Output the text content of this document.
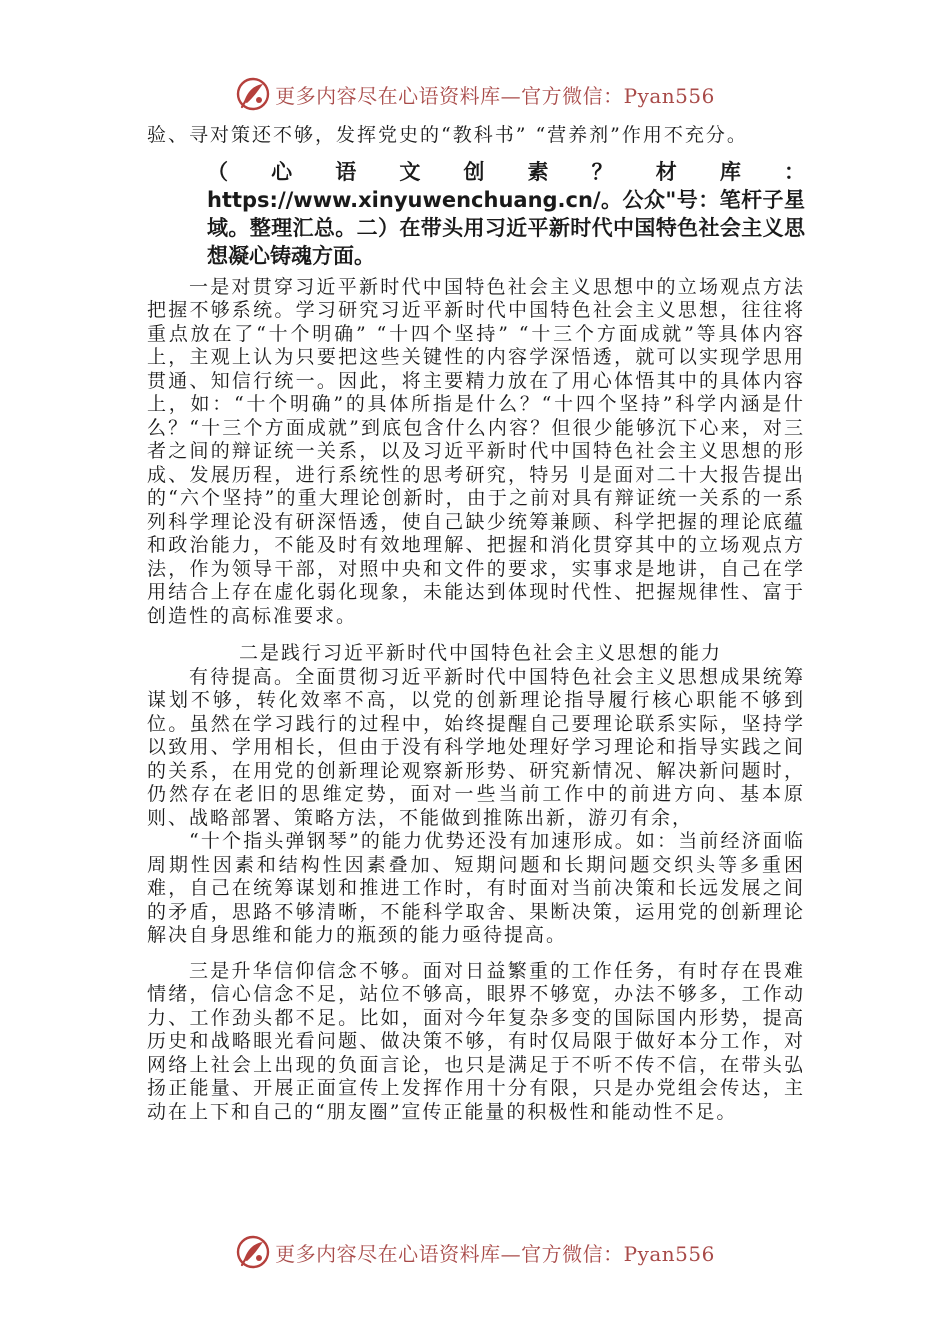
更多内容尽在心语资料库—官方微信：Pyan556

验、寻对策还不够，发挥党史的“教科书” “营养剂”作用不充分。

（心语文创素？材库：https://www.xinyuwenchuang.cn/。公众"号：笔杆子星域。整理汇总。二）在带头用习近平新时代中国特色社会主义思想凝心铸魂方面。

一是对贯穿习近平新时代中国特色社会主义思想中的立场观点方法把握不够系统。学习研究习近平新时代中国特色社会主义思想，往往将重点放在了“十个明确” “十四个坚持” “十三个方面成就”等具体内容上，主观上认为只要把这些关键性的内容学深悟透，就可以实现学思用贯通、知信行统一。因此，将主要精力放在了用心体悟其中的具体内容上，如：“十个明确”的具体所指是什么？“十四个坚持”科学内涵是什么？“十三个方面成就”到底包含什么内容？但很少能够沉下心来，对三者之间的辩证统一关系，以及习近平新时代中国特色社会主义思想的形成、发展历程，进行系统性的思考研究，特另刂是面对二十大报告提出的“六个坚持”的重大理论创新时，由于之前对具有辩证统一关系的一系列科学理论没有研深悟透，使自己缺少统筹兼顾、科学把握的理论底蕴和政治能力，不能及时有效地理解、把握和消化贯穿其中的立场观点方法，作为领导干部，对照中央和文件的要求，实事求是地讲，自己在学用结合上存在虚化弱化现象，未能达到体现时代性、把握规律性、富于创造性的高标准要求。

二是践行习近平新时代中国特色社会主义思想的能力

有待提高。全面贯彻习近平新时代中国特色社会主义思想成果统筹谋划不够，转化效率不高，以党的创新理论指导履行核心职能不够到位。虽然在学习践行的过程中，始终提醒自己要理论联系实际，坚持学以致用、学用相长，但由于没有科学地处理好学习理论和指导实践之间的关系，在用党的创新理论观察新形势、研究新情况、解决新问题时，仍然存在老旧的思维定势，面对一些当前工作中的前进方向、基本原则、战略部署、策略方法，不能做到推陈出新，游刃有余，

“十个指头弹钢琴”的能力优势还没有加速形成。如：当前经济面临周期性因素和结构性因素叠加、短期问题和长期问题交织头等多重困难，自己在统筹谋划和推进工作时，有时面对当前决策和长远发展之间的矛盾，思路不够清晰，不能科学取舍、果断决策，运用党的创新理论解决自身思维和能力的瓶颈的能力亟待提高。

三是升华信仰信念不够。面对日益繁重的工作任务，有时存在畏难情绪，信心信念不足，站位不够高，眼界不够宽，办法不够多，工作动力、工作劲头都不足。比如，面对今年复杂多变的国际国内形势，提高历史和战略眼光看问题、做决策不够，有时仅局限于做好本分工作，对网络上社会上出现的负面言论，也只是满足于不听不传不信，在带头弘扬正能量、开展正面宣传上发挥作用十分有限，只是办党组会传达，主动在上下和自己的“朋友圈”宣传正能量的积极性和能动性不足。

更多内容尽在心语资料库—官方微信：Pyan556
